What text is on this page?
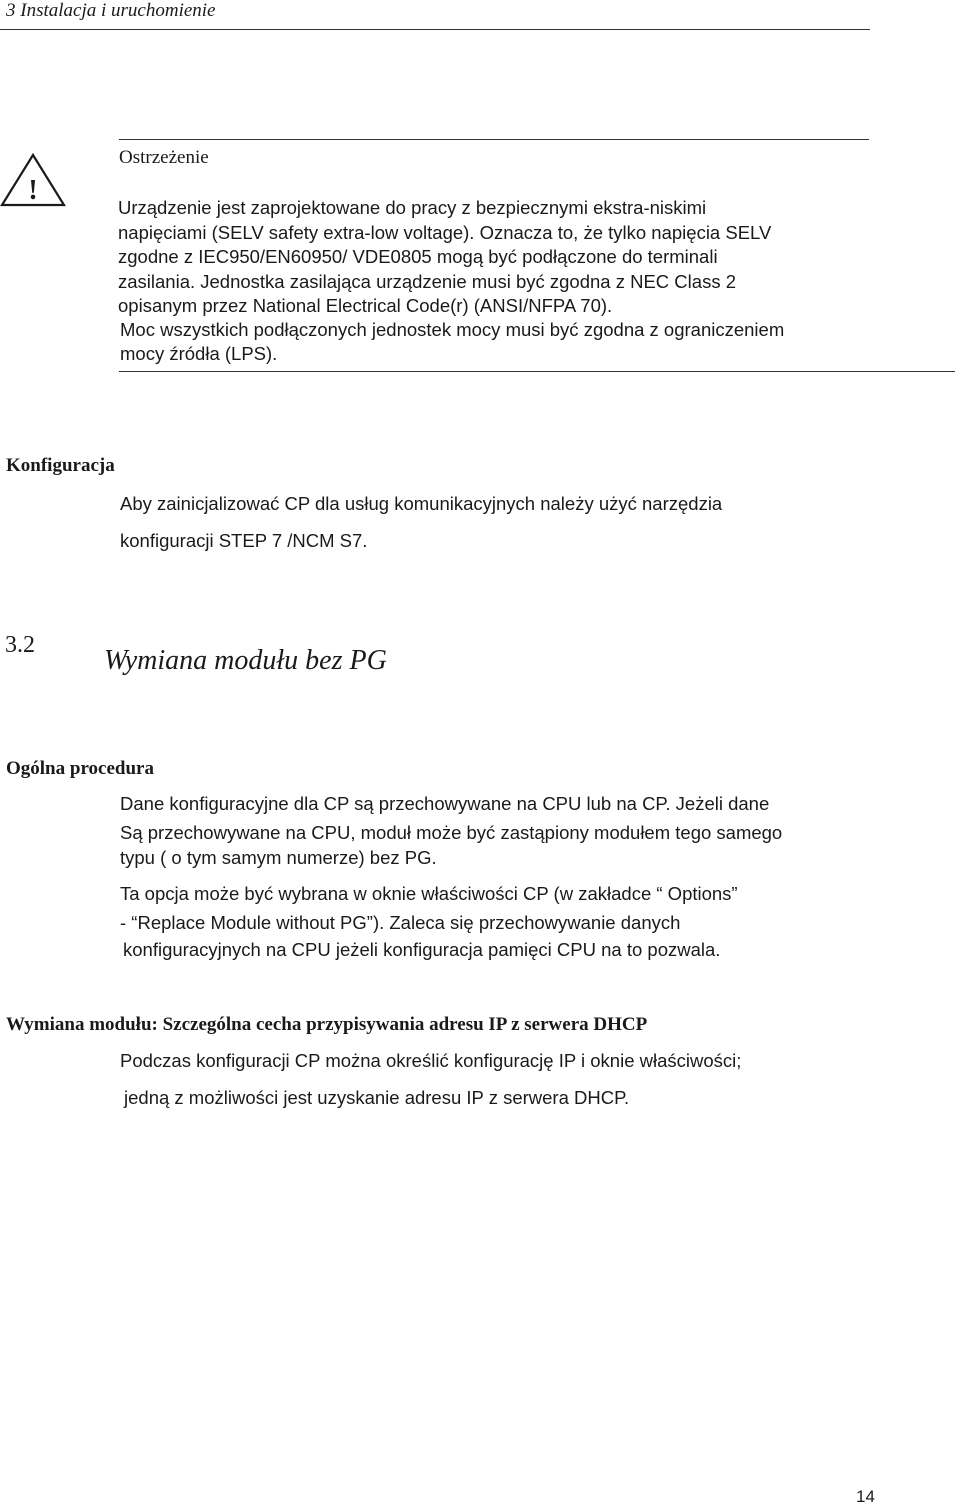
3 Instalacja i uruchomienie
!
Ostrzeżenie
Urządzenie jest zaprojektowane do pracy z bezpiecznymi ekstra-niskimi
napięciami (SELV safety extra-low voltage). Oznacza to, że tylko napięcia SELV
zgodne z IEC950/EN60950/ VDE0805 mogą być podłączone do terminali
zasilania. Jednostka zasilająca urządzenie musi być zgodna z NEC Class 2
opisanym przez National Electrical Code(r) (ANSI/NFPA 70).
Moc wszystkich podłączonych jednostek mocy musi być zgodna z ograniczeniem
mocy źródła (LPS).
Konfiguracja
Aby zainicjalizować CP dla usług komunikacyjnych należy użyć narzędzia
konfiguracji STEP 7 /NCM S7.
3.2 Wymiana modułu bez PG
Ogólna procedura
Dane konfiguracyjne dla CP są przechowywane na CPU lub na CP. Jeżeli dane
Są przechowywane na CPU, moduł może być zastąpiony modułem tego samego
typu ( o tym samym numerze) bez PG.
Ta opcja może być wybrana w oknie właściwości CP (w zakładce “ Options”
- “Replace Module without PG”). Zaleca się przechowywanie danych
konfiguracyjnych na CPU jeżeli konfiguracja pamięci CPU na to pozwala.
Wymiana modułu: Szczególna cecha przypisywania adresu IP z serwera DHCP
Podczas konfiguracji CP można określić konfigurację IP i oknie właściwości;
jedną z możliwości jest uzyskanie adresu IP z serwera DHCP.
14
